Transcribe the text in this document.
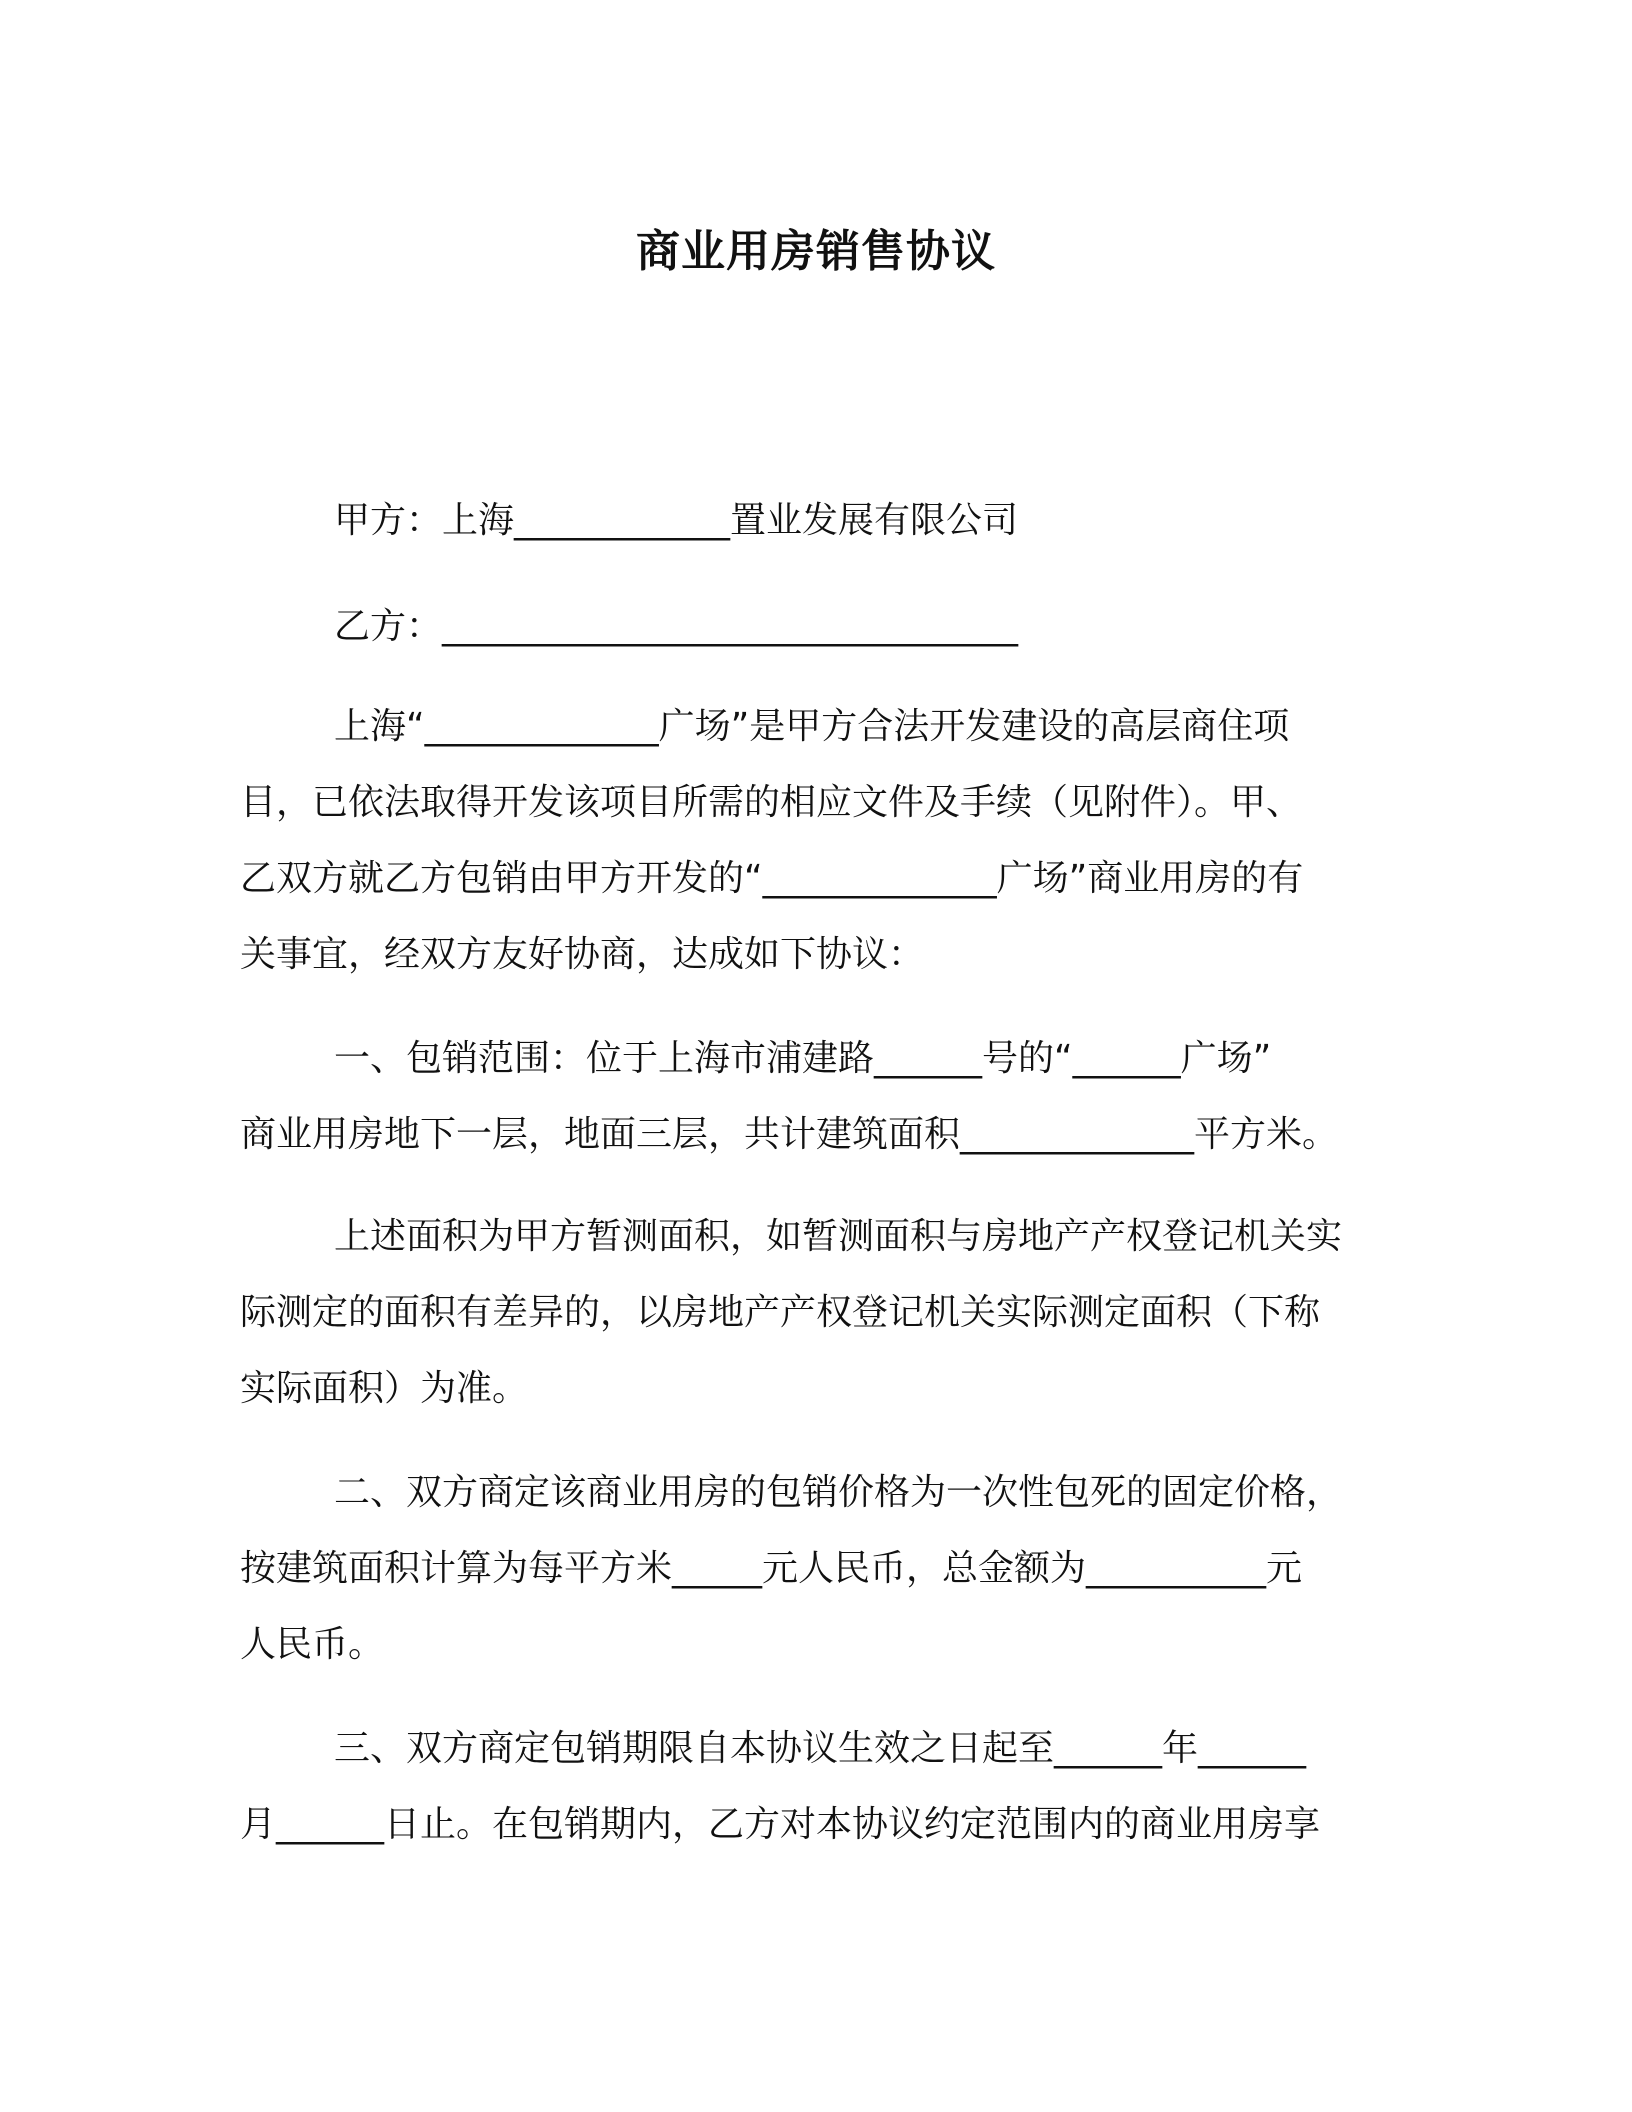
商业用房销售协议
甲方：上海____________置业发展有限公司
乙方：________________________________
上海“_____________广场”是甲方合法开发建设的高层商住项
目，已依法取得开发该项目所需的相应文件及手续（见附件）。甲、
乙双方就乙方包销由甲方开发的“_____________广场”商业用房的有
关事宜，经双方友好协商，达成如下协议：
一、包销范围：位于上海市浦建路______号的“______广场”
商业用房地下一层，地面三层，共计建筑面积_____________平方米。
上述面积为甲方暂测面积，如暂测面积与房地产产权登记机关实
际测定的面积有差异的，以房地产产权登记机关实际测定面积（下称
实际面积）为准。
二、双方商定该商业用房的包销价格为一次性包死的固定价格，
按建筑面积计算为每平方米_____元人民币，总金额为__________元
人民币。
三、双方商定包销期限自本协议生效之日起至______年______
月______日止。在包销期内，乙方对本协议约定范围内的商业用房享
